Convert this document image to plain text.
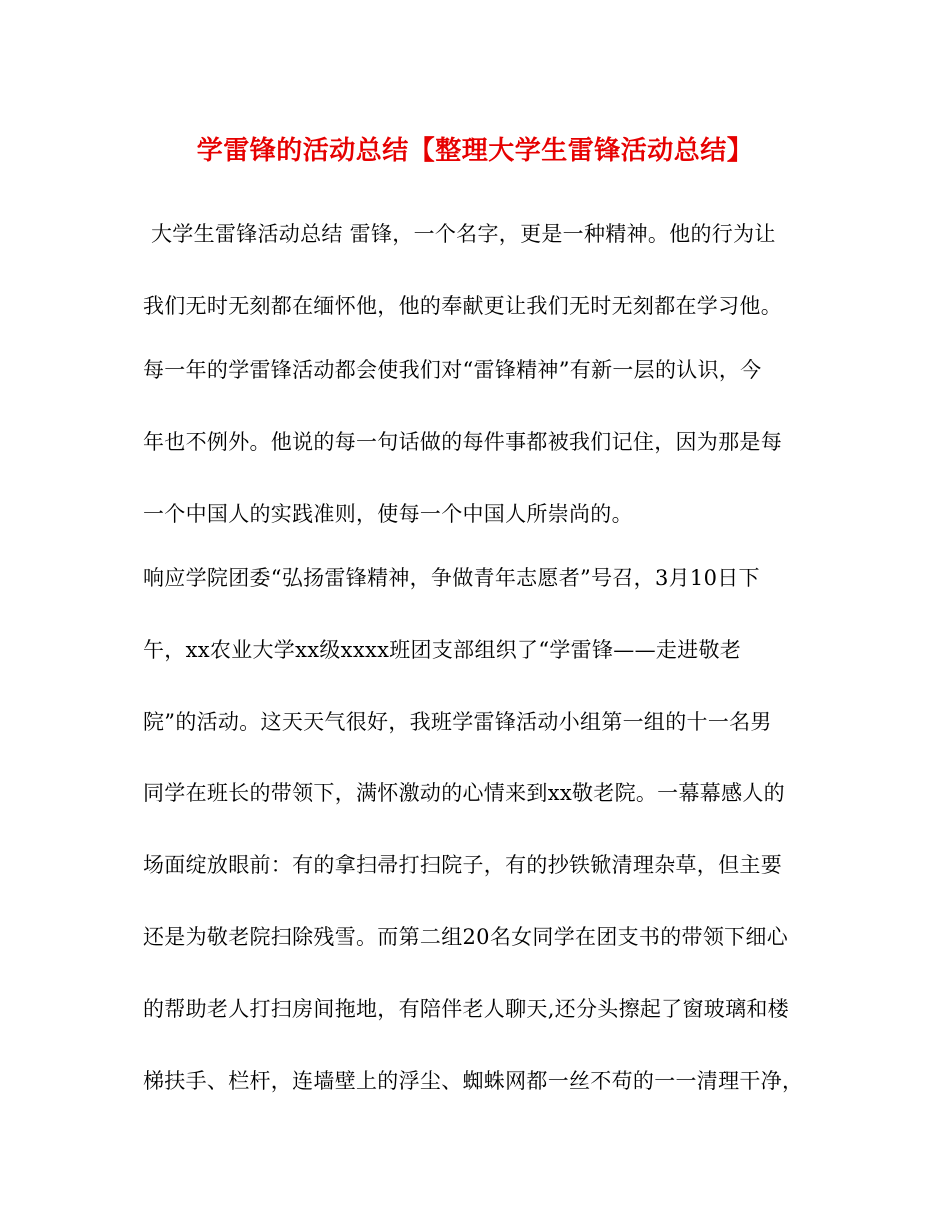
学雷锋的活动总结【整理大学生雷锋活动总结】
大学生雷锋活动总结 雷锋，一个名字，更是一种精神。他的行为让
我们无时无刻都在缅怀他，他的奉献更让我们无时无刻都在学习他。
每一年的学雷锋活动都会使我们对“雷锋精神”有新一层的认识，今
年也不例外。他说的每一句话做的每件事都被我们记住，因为那是每
一个中国人的实践准则，使每一个中国人所崇尚的。
响应学院团委“弘扬雷锋精神，争做青年志愿者”号召，3月10日下
午，xx农业大学xx级xxxx班团支部组织了“学雷锋——走进敬老
院”的活动。这天天气很好，我班学雷锋活动小组第一组的十一名男
同学在班长的带领下，满怀激动的心情来到xx敬老院。一幕幕感人的
场面绽放眼前：有的拿扫帚打扫院子，有的抄铁锨清理杂草，但主要
还是为敬老院扫除残雪。而第二组20名女同学在团支书的带领下细心
的帮助老人打扫房间拖地，有陪伴老人聊天,还分头擦起了窗玻璃和楼
梯扶手、栏杆，连墙壁上的浮尘、蜘蛛网都一丝不苟的一一清理干净，
